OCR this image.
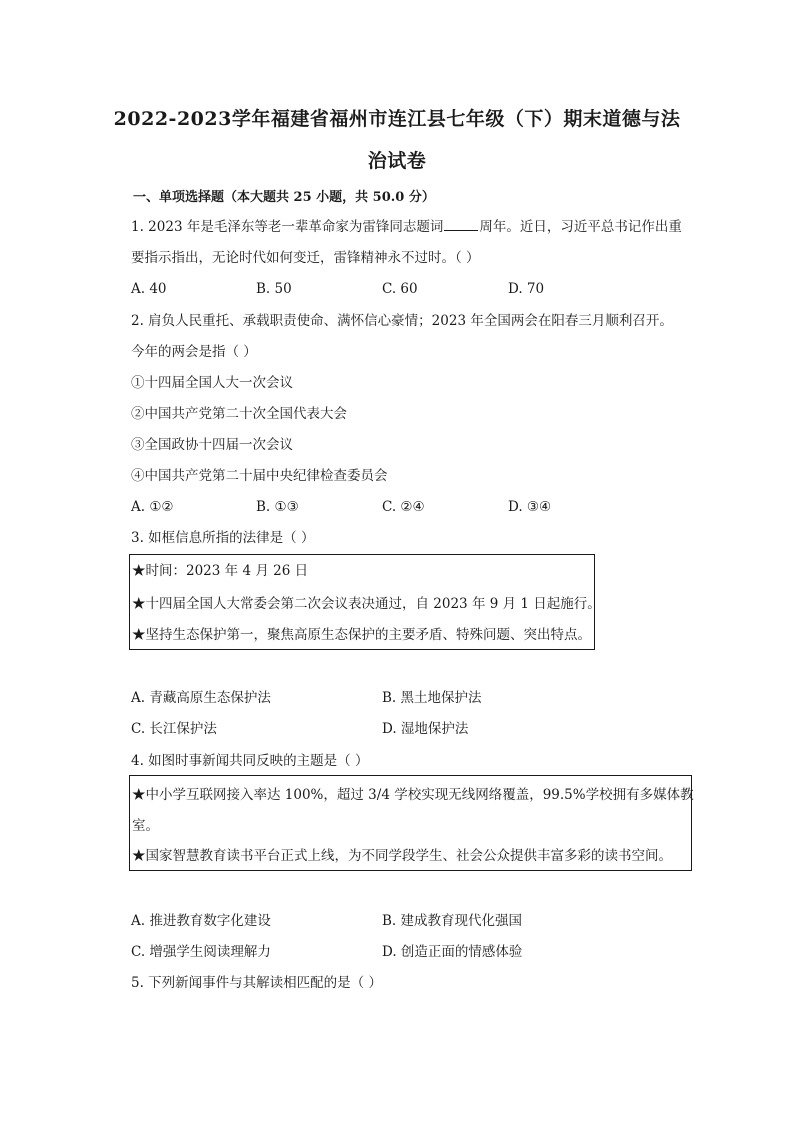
2022-2023学年福建省福州市连江县七年级（下）期末道德与法
治试卷
一、单项选择题（本大题共 25 小题，共 50.0 分）
1. 2023 年是毛泽东等老一辈革命家为雷锋同志题词	周年。近日，习近平总书记作出重
要指示指出，无论时代如何变迁，雷锋精神永不过时。（ ）
A. 40	B. 50	C. 60	D. 70
2. 肩负人民重托、承载职责使命、满怀信心豪情；2023 年全国两会在阳春三月顺利召开。
今年的两会是指（ ）
①十四届全国人大一次会议
②中国共产党第二十次全国代表大会
③全国政协十四届一次会议
④中国共产党第二十届中央纪律检查委员会
A. ①②	B. ①③	C. ②④	D. ③④
3. 如框信息所指的法律是（ ）
★时间：2023 年 4 月 26 日
★十四届全国人大常委会第二次会议表决通过，自 2023 年 9 月 1 日起施行。
★坚持生态保护第一，聚焦高原生态保护的主要矛盾、特殊问题、突出特点。
A. 青藏高原生态保护法	B. 黑土地保护法
C. 长江保护法	D. 湿地保护法
4. 如图时事新闻共同反映的主题是（ ）
★中小学互联网接入率达 100%，超过 3/4 学校实现无线网络覆盖，99.5%学校拥有多媒体教
室。
★国家智慧教育读书平台正式上线，为不同学段学生、社会公众提供丰富多彩的读书空间。
A. 推进教育数字化建设	B. 建成教育现代化强国
C. 增强学生阅读理解力	D. 创造正面的情感体验
5. 下列新闻事件与其解读相匹配的是（ ）
